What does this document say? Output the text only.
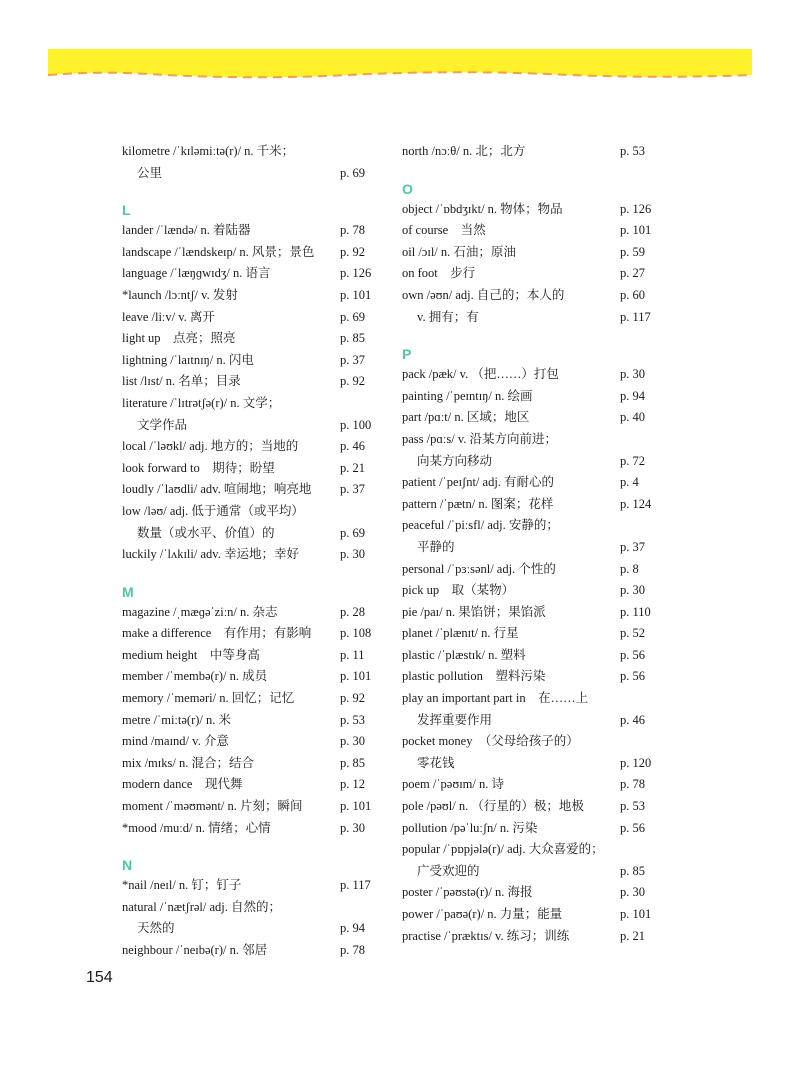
kilometre /ˈkɪləmiːtə(r)/ n. 千米；
公里	p. 69
L
lander /ˈlændə/ n. 着陆器	p. 78
landscape /ˈlændskeɪp/ n. 风景；景色	p. 92
language /ˈlæŋɡwɪdʒ/ n. 语言	p. 126
*launch /lɔːntʃ/ v. 发射	p. 101
leave /liːv/ v. 离开	p. 69
light up　点亮；照亮	p. 85
lightning /ˈlaɪtnɪŋ/ n. 闪电	p. 37
list /lɪst/ n. 名单；目录	p. 92
literature /ˈlɪtrətʃə(r)/ n. 文学；
文学作品	p. 100
local /ˈləʊkl/ adj. 地方的；当地的	p. 46
look forward to　期待；盼望	p. 21
loudly /ˈlaʊdli/ adv. 喧闹地；响亮地	p. 37
low /ləʊ/ adj. 低于通常（或平均）
数量（或水平、价值）的	p. 69
luckily /ˈlʌkɪli/ adv. 幸运地；幸好	p. 30
M
magazine /ˌmæɡəˈziːn/ n. 杂志	p. 28
make a difference　有作用；有影响	p. 108
medium height　中等身高	p. 11
member /ˈmembə(r)/ n. 成员	p. 101
memory /ˈmeməri/ n. 回忆；记忆	p. 92
metre /ˈmiːtə(r)/ n. 米	p. 53
mind /maɪnd/ v. 介意	p. 30
mix /mɪks/ n. 混合；结合	p. 85
modern dance　现代舞	p. 12
moment /ˈməʊmənt/ n. 片刻；瞬间	p. 101
*mood /muːd/ n. 情绪；心情	p. 30
N
*nail /neɪl/ n. 钉；钉子	p. 117
natural /ˈnætʃrəl/ adj. 自然的；
天然的	p. 94
neighbour /ˈneɪbə(r)/ n. 邻居	p. 78
north /nɔːθ/ n. 北；北方	p. 53
O
object /ˈɒbdʒɪkt/ n. 物体；物品	p. 126
of course　当然	p. 101
oil /ɔɪl/ n. 石油；原油	p. 59
on foot　步行	p. 27
own /əʊn/ adj. 自己的；本人的	p. 60
v. 拥有；有	p. 117
P
pack /pæk/ v. （把……）打包	p. 30
painting /ˈpeɪntɪŋ/ n. 绘画	p. 94
part /pɑːt/ n. 区域；地区	p. 40
pass /pɑːs/ v. 沿某方向前进；
向某方向移动	p. 72
patient /ˈpeɪʃnt/ adj. 有耐心的	p. 4
pattern /ˈpætn/ n. 图案；花样	p. 124
peaceful /ˈpiːsfl/ adj. 安静的；
平静的	p. 37
personal /ˈpɜːsənl/ adj. 个性的	p. 8
pick up　取（某物）	p. 30
pie /paɪ/ n. 果馅饼；果馅派	p. 110
planet /ˈplænɪt/ n. 行星	p. 52
plastic /ˈplæstɪk/ n. 塑料	p. 56
plastic pollution　塑料污染	p. 56
play an important part in　在……上
发挥重要作用	p. 46
pocket money　（父母给孩子的）
零花钱	p. 120
poem /ˈpəʊɪm/ n. 诗	p. 78
pole /pəʊl/ n. （行星的）极；地极	p. 53
pollution /pəˈluːʃn/ n. 污染	p. 56
popular /ˈpɒpjələ(r)/ adj. 大众喜爱的；
广受欢迎的	p. 85
poster /ˈpəʊstə(r)/ n. 海报	p. 30
power /ˈpaʊə(r)/ n. 力量；能量	p. 101
practise /ˈpræktɪs/ v. 练习；训练	p. 21
154
